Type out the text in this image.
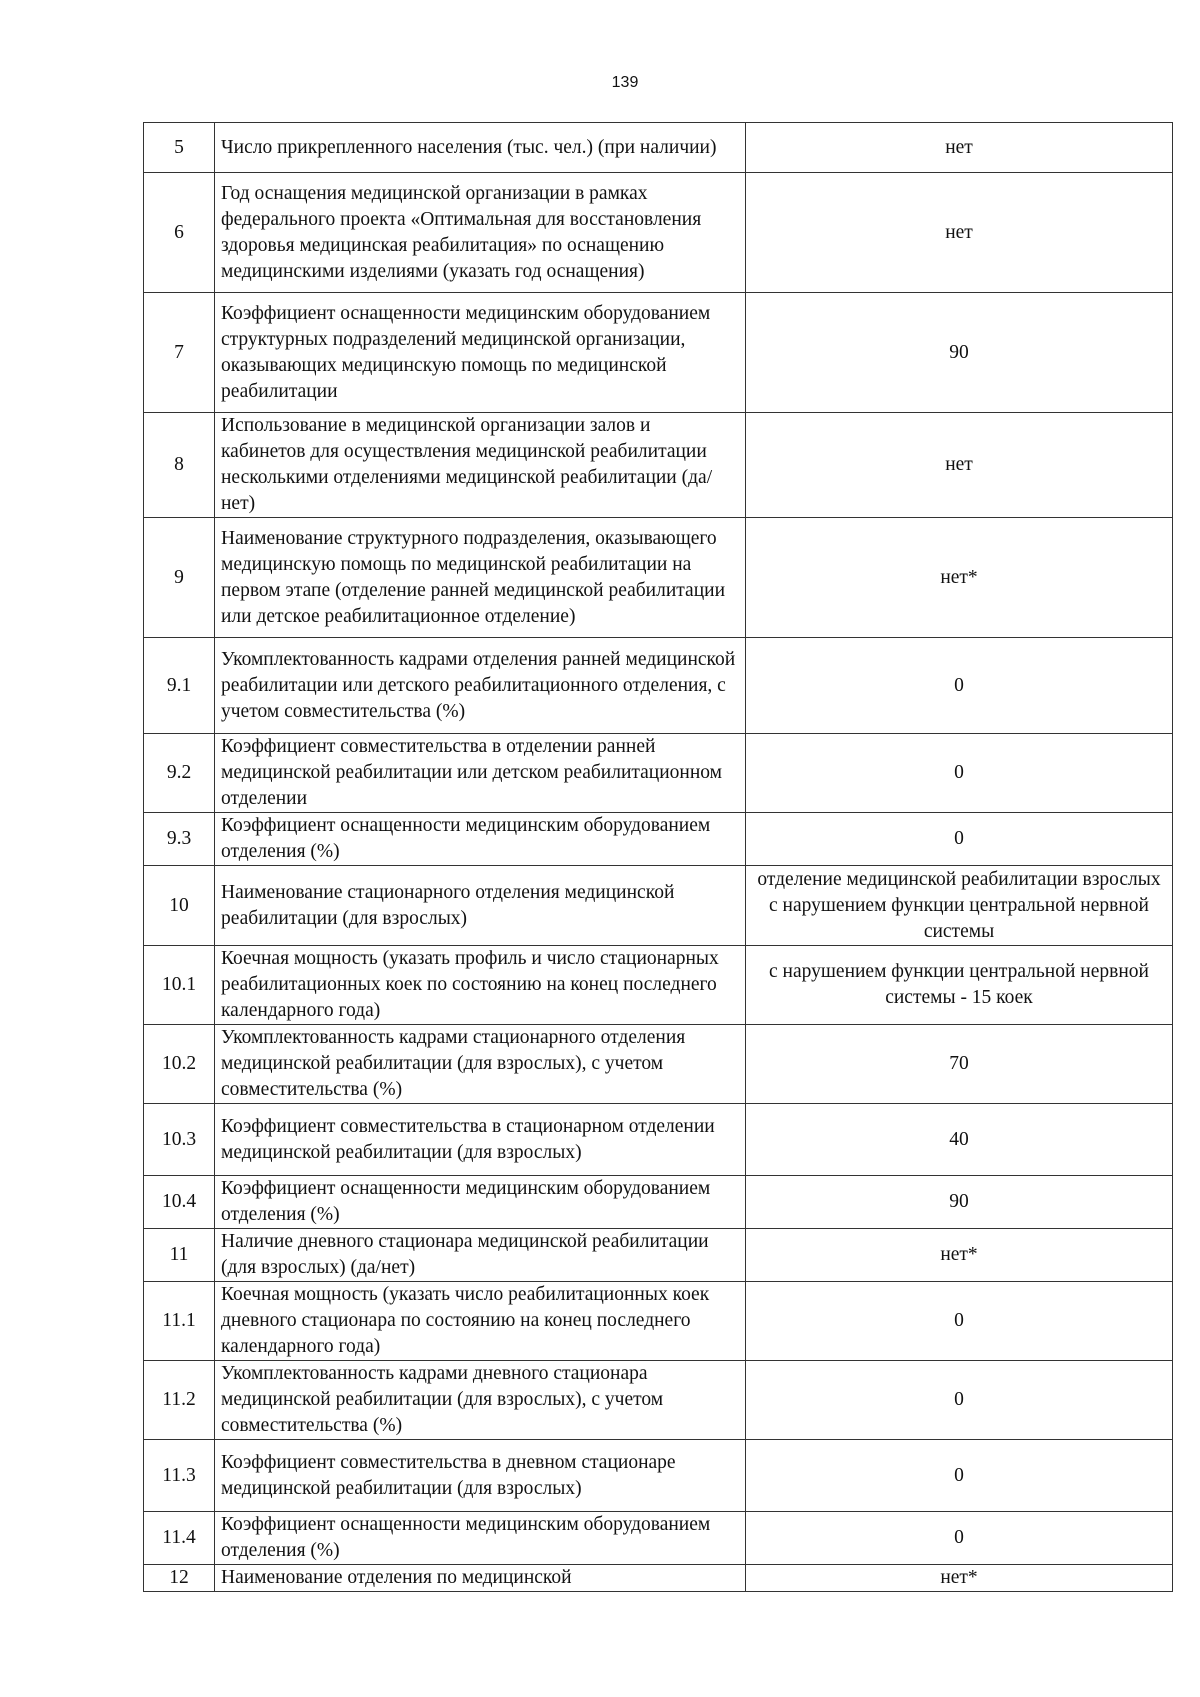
139
5	Число прикрепленного населения (тыс. чел.) (при наличии)	нет
6	Год оснащения медицинской организации в рамках федерального проекта «Оптимальная для восстановления здоровья медицинская реабилитация» по оснащению медицинскими изделиями (указать год оснащения)	нет
7	Коэффициент оснащенности медицинским оборудованием структурных подразделений медицинской организации, оказывающих медицинскую помощь по медицинской реабилитации	90
8	Использование в медицинской организации залов и кабинетов для осуществления медицинской реабилитации несколькими отделениями медицинской реабилитации (да/нет)	нет
9	Наименование структурного подразделения, оказывающего медицинскую помощь по медицинской реабилитации на первом этапе (отделение ранней медицинской реабилитации или детское реабилитационное отделение)	нет*
9.1	Укомплектованность кадрами отделения ранней медицинской реабилитации или детского реабилитационного отделения, с учетом совместительства (%)	0
9.2	Коэффициент совместительства в отделении ранней медицинской реабилитации или детском реабилитационном отделении	0
9.3	Коэффициент оснащенности медицинским оборудованием отделения (%)	0
10	Наименование стационарного отделения медицинской реабилитации (для взрослых)	отделение медицинской реабилитации взрослых с нарушением функции центральной нервной системы
10.1	Коечная мощность (указать профиль и число стационарных реабилитационных коек по состоянию на конец последнего календарного года)	с нарушением функции центральной нервной системы - 15 коек
10.2	Укомплектованность кадрами стационарного отделения медицинской реабилитации (для взрослых), с учетом совместительства (%)	70
10.3	Коэффициент совместительства в стационарном отделении медицинской реабилитации (для взрослых)	40
10.4	Коэффициент оснащенности медицинским оборудованием отделения (%)	90
11	Наличие дневного стационара медицинской реабилитации (для взрослых) (да/нет)	нет*
11.1	Коечная мощность (указать число реабилитационных коек дневного стационара по состоянию на конец последнего календарного года)	0
11.2	Укомплектованность кадрами дневного стационара медицинской реабилитации (для взрослых), с учетом совместительства (%)	0
11.3	Коэффициент совместительства в дневном стационаре медицинской реабилитации (для взрослых)	0
11.4	Коэффициент оснащенности медицинским оборудованием отделения (%)	0
12	Наименование отделения по медицинской	нет*
